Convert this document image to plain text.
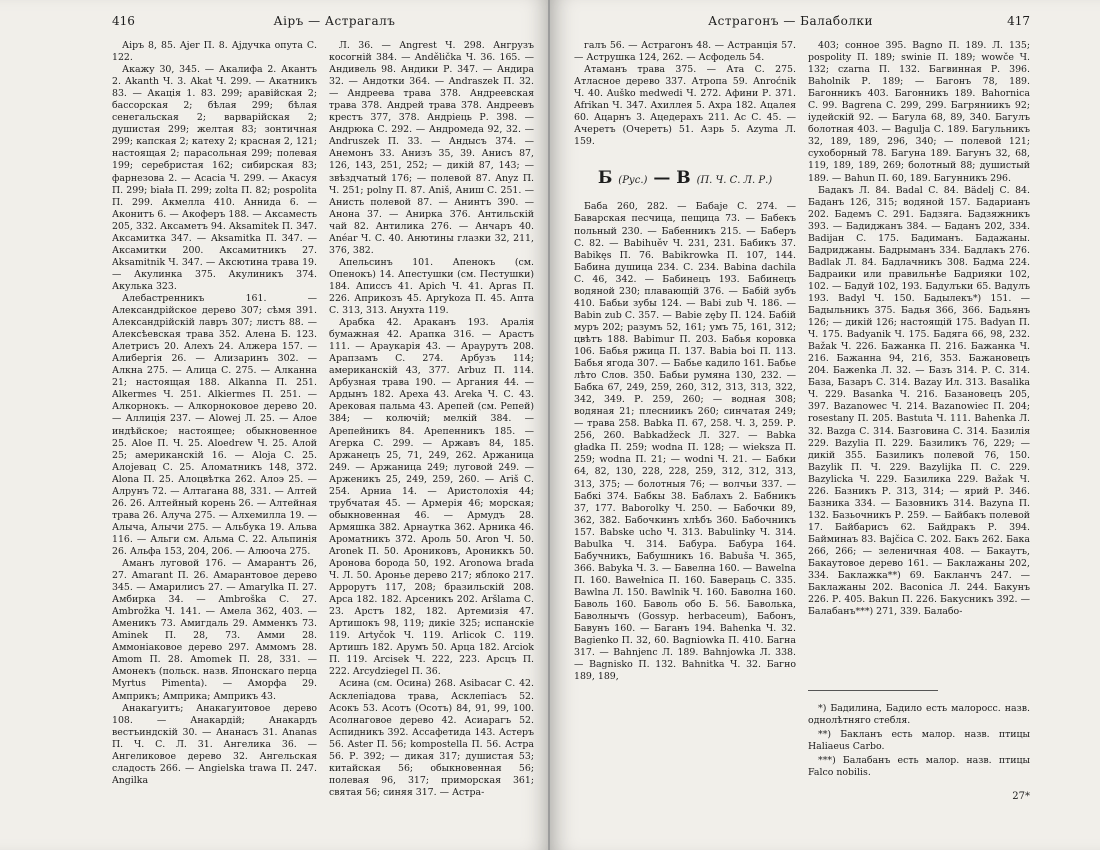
416	Аiръ — Астрагалъ

Аiръ 8, 85. Ajer П. 8. Аjдучка опута С. 122.

Акажу 30, 345. — Акалифа 2. Акантъ 2. Akanth Ч. 3. Akat Ч. 299. — Акатникъ 83. — Акація 1. 83. 299; аравійская 2; бассорская 2; бѣлая 299; бѣлая сенегальская 2; варварійская 2; душистая 299; желтая 83; зонтичная 299; капская 2; катеху 2; красная 2, 121; настоящая 2; парасольная 299; полевая 199; серебристая 162; сибирская 83; фарнезова 2. — Acacia Ч. 299. — Акасуя П. 299; biała П. 299; zolta П. 82; pospolita П. 299. Акмелла 410. Аннида 6. — Аконитъ 6. — Акоферъ 188. — Аксаместь 205, 332. Аксаметъ 94. Aksamitek П. 347. Аксамитка 347. — Aksamitka П. 347. — Аксамитки 200. Аксамитникъ 27. Aksamitnik Ч. 347. — Аксютина трава 19. — Акулинка 375. Акулиникъ 374. Акулька 323.

Алебастренникъ 161. — Александрійское дерево 307; сѣмя 391. Александрійскій лавръ 307; листъ 88. — Алексѣевская трава 352. Алена Б. 123. Алетрисъ 20. Алехъ 24. Алжера 157. — Алибергія 26. — Ализаринъ 302. — Алкна 275. — Алица С. 275. — Алканна 21; настоящая 188. Alkanna П. 251. Alkermes Ч. 251. Alkiermes П. 251. — Алкорнокъ. — Алкорноковое дерево 20. — Аллиція 237. — Alowej Л. 25. — Алое индѣйское; настоящее; обыкновенное 25. Aloe П. Ч. 25. Aloedrew Ч. 25. Алой 25; американскій 16. — Aloja С. 25. Алоjевац С. 25. Аломатникъ 148, 372. Alona П. 25. Алоцвѣтка 262. Алоэ 25. — Алрунъ 72. — Алтагана 88, 331. — Алтей 26. 26. Алтейный корень 26. — Алтейная трава 26. Алуча 275. — Алхемилла 19. — Алыча, Алычи 275. — Альбука 19. Альва 116. — Альги см. Альма С. 22. Альпинія 26. Альфа 153, 204, 206. — Алюоча 275.

Аманъ луговой 176. — Амарантъ 26, 27. Amarant П. 26. Амарантовое дерево 345. — Амарилисъ 27. — Amarylka П. 27. Амбирка 34. — Ambroška С. 27. Ambrožka Ч. 141. — Амела 362, 403. — Аменикъ 73. Амигдаль 29. Амменкъ 73. Aminek П. 28, 73. Амми 28. Аммоніаковое дерево 297. Аммомъ 28. Amom П. 28. Amomek П. 28, 331. — Амонекъ (польск. назв. Японскаго перца Myrtus Pimenta). — Аморфа 29. Амприкъ; Амприка; Амприкъ 43.

Анакагуитъ; Анакагуитовое дерево 108. — Анакардій; Анакардъ вестъиндскій 30. — Ананасъ 31. Ananas П. Ч. С. Л. 31. Ангелика 36. — Ангеликовое дерево 32. Ангельская сладость 266. — Angielska trawa П. 247. Angilka

Л. 36. — Angrest Ч. 298. Ангрузъ косогнiй 384. — Andělička Ч. 36. 165. — Андивель 98. Андики Р. 347. — Андира 32. — Андотки 364. — Andraszek П. 32. — Андреева трава 378. Андреевская трава 378. Андрей трава 378. Андреевъ крестъ 377, 378. Андрiець Р. 398. — Андрюка С. 292. — Андромеда 92, 32. — Andruszek П. 33. — Андысъ 374. — Анемонъ 33. Анизъ 35, 39. Анисъ 87, 126, 143, 251, 252; — дикій 87, 143; — звѣздчатый 176; — полевой 87. Anyz П. Ч. 251; polny П. 87. Aniš, Аниш С. 251. — Анисть полевой 87. — Анинтъ 390. — Анона 37. — Анирка 376. Антильскій чай 82. Антилика 276. — Анчаръ 40. Anéar Ч. С. 40. Анютины глазки 32, 211, 376, 382.

Апельсинъ 101. Апенокъ (см. Опенокъ) 14. Апестушки (см. Пестушки) 184. Аписсъ 41. Apich Ч. 41. Apras П. 226. Априкозъ 45. Aprykoza П. 45. Апта С. 313, 313. Анухта 119.

Арабка 42. Араканъ 193. Аралія бумажная 42. Арапка 316. — Арастъ 111. — Араукарія 43. — Араурутъ 208. Арапзамъ С. 274. Арбузъ 114; американскій 43, 377. Arbuz П. 114. Арбузная трава 190. — Аргания 44. — Ардынъ 182. Ареха 43. Areka Ч. С. 43. Арековая пальма 43. Арепей (см. Репей) 384; — колючій; мелкій 384. — Арепейникъ 84. Арепенникъ 185. — Агерка С. 299. — Аржавъ 84, 185. Аржанецъ 25, 71, 249, 262. Аржаница 249. — Аржаница 249; луговой 249. — Арженикъ 25, 249, 259, 260. — Arіš С. 254. Арниа 14. — Аристолохія 44; трубчатая 45. — Армерія 46; морская; обыкновенная 46. — Армудъ 28. Армяшка 382. Арнаутка 362. Арника 46. Ароматникъ 372. Ароль 50. Aron Ч. 50. Aronek П. 50. Арониковъ, Арониккъ 50. Аронова борода 50, 192. Aronowa brada Ч. Л. 50. Аронье дерево 217; яблоко 217. Аррорутъ 117, 208; бразильскій 208. Арса 182. 182. Арсеникъ 202. Aršlama С. 23. Арстъ 182, 182. Артемизія 47. Артишокъ 98, 119; дикіе 325; испанскіе 119. Artyčok Ч. 119. Arlicok С. 119. Артишъ 182. Арумъ 50. Арца 182. Arciok П. 119. Arcisek Ч. 222, 223. Арсцъ П. 222. Arcydziegel П. 36.

Асина (см. Осина) 268. Asibacar С. 42. Асклепіадова трава, Асклепiасъ 52. Асокъ 53. Асотъ (Осотъ) 84, 91, 99, 100. Асолнаговое дерево 42. Асиарагъ 52. Аспидникъ 392. Ассафетида 143. Астеръ 56. Aster П. 56; kompostella П. 56. Астра 56. Р. 392; — дикая 317; душистая 53; китайская 56; обыкновенная 56; полевая 96, 317; приморская 361; святая 56; синяя 317. — Астра-

Астрагонъ — Балаболки	417

галъ 56. — Астрагонъ 48. — Астранція 57. — Аструшка 124, 262. — Асфодель 54.

Атаманъ трава 375. — Ата С. 275. Атласное дерево 337. Атропа 59. Anroćnik Ч. 40. Auško medwedi Ч. 272. Афини Р. 371. Afrikan Ч. 347. Ахиллея 5. Axpa 182. Ацалея 60. Ацарнъ 3. Ацедерахъ 211. Ac С. 45. — Ачеретъ (Очеретъ) 51. Азрь 5. Azyma Л. 159.

Б (Рус.) — В (П. Ч. С. Л. Р.)

Баба 260, 282. — Бабаје С. 274. — Баварская песчица, пещица 73. — Бабекъ польный 230. — Бабенникъ 215. — Баберъ С. 82. — Babihuěv Ч. 231, 231. Бабикъ 37. Babikęs П. 76. Babikrowka П. 107, 144. Бабина душица 234. С. 234. Babina dachila С. 46, 342. — Бабинецъ 193. Бабинецъ водяной 230; плавающій 376. — Бабій зубъ 410. Бабьи зубы 124. — Babi zub Ч. 186. — Babin zub С. 357. — Babie zęby П. 124. Бабій муръ 202; разумъ 52, 161; умъ 75, 161, 312; цвѣтъ 188. Babimur П. 203. Бабья коровка 106. Бабья ржица П. 137. Babia boi П. 113. Бабья ягода 307. — Бабье кадило 161. Бабье лѣто Слов. 350. Бабьи румяна 130, 232. — Бабка 67, 249, 259, 260, 312, 313, 313, 322, 342, 349. Р. 259, 260; — водная 308; водяная 21; плесниикъ 260; синчатая 249; — трава 258. Babka П. 67, 258. Ч. 3, 259. Р. 256, 260. Babkadžeck Л. 327. — Babka gładka П. 259; wodna П. 128; — wieksza П. 259; wodna П. 21; — wodni Ч. 21. — Бабки 64, 82, 130, 228, 228, 259, 312, 312, 313, 313, 375; — болотныя 76; — волчьи 337. — Бабкі 374. Бабкы 38. Баблахъ 2. Бабникъ 37, 177. Baborolky Ч. 250. — Бабочки 89, 362, 382. Бабочкинъ хлѣбъ 360. Бабочникъ 157. Babske ucho Ч. 313. Babulinky Ч. 314. Babulka Ч. 314. Бабура. Бабура 164. Бабучникъ, Бабушникъ 16. Babuša Ч. 365, 366. Babyka Ч. 3. — Бавелна 160. — Bawelna П. 160. Bawełnica П. 160. Бавераць С. 335. Bawlna Л. 150. Bawlnik Ч. 160. Баволна 160. Баволь 160. Баволь обо Б. 56. Баволька, Баволнычъ (Gossyp. herbaceum), Бабонъ, Бавунъ 160. — Баганъ 194. Bahenka Ч. 32. Bagienko П. 32, 60. Bagniowka П. 410. Багна 317. — Bahnjenc Л. 189. Bahnjowka Л. 338. — Bagnisko П. 132. Bahnitka Ч. 32. Багно 189, 189,

403; сонное 395. Bagno П. 189. Л. 135; pospolity П. 189; swinie П. 189; wowče Ч. 132; czarna П. 132. Багвинная Р. 396. Baholnik Р. 189; — Багонъ 78, 189. Багонникъ 403. Багонникъ 189. Bahornica С. 99. Bagrena С. 299, 299. Багряниикъ 92; iyдейскій 92. — Багула 68, 89, 340. Багулъ болотная 403. — Bagulja С. 189. Багульникъ 32, 189, 189, 296, 340; — полевой 121; сухоборный 78. Багуна 189. Багунъ 32, 68, 119, 189, 189, 269; болотный 88; душистый 189. — Bahun П. 60, 189. Багунникъ 296.

Бадакъ Л. 84. Badal С. 84. Bädelj С. 84. Баданъ 126, 315; водяной 157. Бадарианъ 202. Бадемъ С. 291. Бадзяга. Бадзяжникъ 393. — Бадиджанъ 384. — Баданъ 202, 334. Badiјан С. 175. Бадиманъ. Бадажаны. Бадриджаны. Бадрыманъ 334. Бадлакъ 276. Badlak Л. 84. Бадлачникъ 308. Бадма 224. Бадраики или правильнѣе Бадрияки 102, 102. — Бадуй 102, 193. Бадулъки 65. Bадулъ 193. Badyl Ч. 150. Бадылекъ*) 151. — Бадыльникъ 375. Бадья 366, 366. Бадьянъ 126; — дикій 126; настоящій 175. Badyan П. Ч. 175. Badyanik Ч. 175. Бадяга 66, 98, 232. Bažak Ч. 226. Бажанка П. 216. Бaжaнка Ч. 216. Бажанна 94, 216, 353. Бажановецъ 204. Бажenka Л. 32. — Базъ 314. Р. С. 314. База, Базаръ С. 314. Bazay Ил. 313. Basalika Ч. 229. Basanka Ч. 216. Базановецъ 205, 397. Bazanowec Ч. 214. Bazanowiec П. 204; rosestany П. 205. Bastuta Ч. 111. Bahenka Л. 32. Bazga С. 314. Базговина С. 314. Базилія 229. Bazylia П. 229. Базиликъ 76, 229; — дикій 355. Базиликъ полевой 76, 150. Bazylik П. Ч. 229. Bazylijka П. С. 229. Bazylicka Ч. 229. Базилика 229. Bažak Ч. 226. Базникъ Р. 313, 314; — ярий Р. 346. Базника 334. — Базовникъ 314. Bazyna П. 132. Базьочникъ Р. 259. — Байбакъ полевой 17. Байбарисъ 62. Байдракъ Р. 394. Байминаъ 83. Bajčica С. 202. Бакъ 262. Бака 266, 266; — зеленичная 408. — Бакаутъ, Бакаутовое дерево 161. — Баклажаны 202, 334. Баклажка**) 69. Бакланчъ 247. — Баклажаны 202. Baconica Л. 244. Бакунъ 226. Р. 405. Bakun П. 226. Бакусникъ 392. — Балабанъ***) 271, 339. Балабо-

*) Бадилина, Бадило есть малоросс. назв. однолѣтняго стебля.

**) Бакланъ есть малор. назв. птицы Haliaeus Carbo.

***) Балабанъ есть малор. назв. птицы Falco nobilis.

27*
